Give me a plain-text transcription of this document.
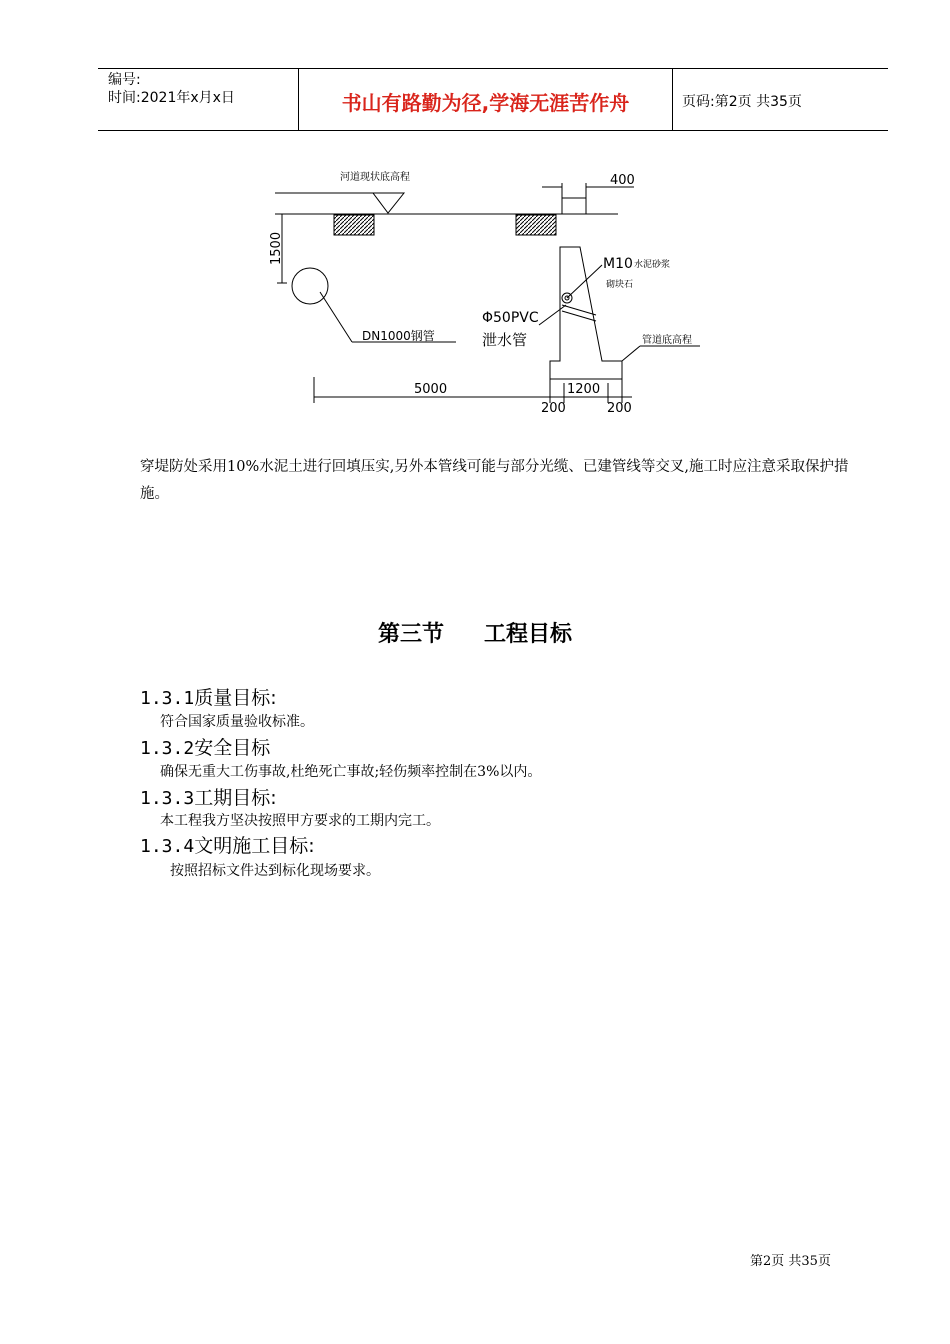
编号:
时间:2021年x月x日	书山有路勤为径,学海无涯苦作舟	页码:第2页 共35页
河道现状底高程	400
1500	M10 水泥砂浆
砌块石
Φ50PVC
泄水管
DN1000钢管	管道底高程
5000	1200
200	200
穿堤防处采用10%水泥土进行回填压实,另外本管线可能与部分光缆、已建管线等交叉,施工时应注意采取保护措施。
第三节 工程目标
1.3.1质量目标:
符合国家质量验收标准。
1.3.2安全目标
确保无重大工伤事故,杜绝死亡事故;轻伤频率控制在3%以内。
1.3.3工期目标:
本工程我方坚决按照甲方要求的工期内完工。
1.3.4文明施工目标:
按照招标文件达到标化现场要求。
第2页 共35页
